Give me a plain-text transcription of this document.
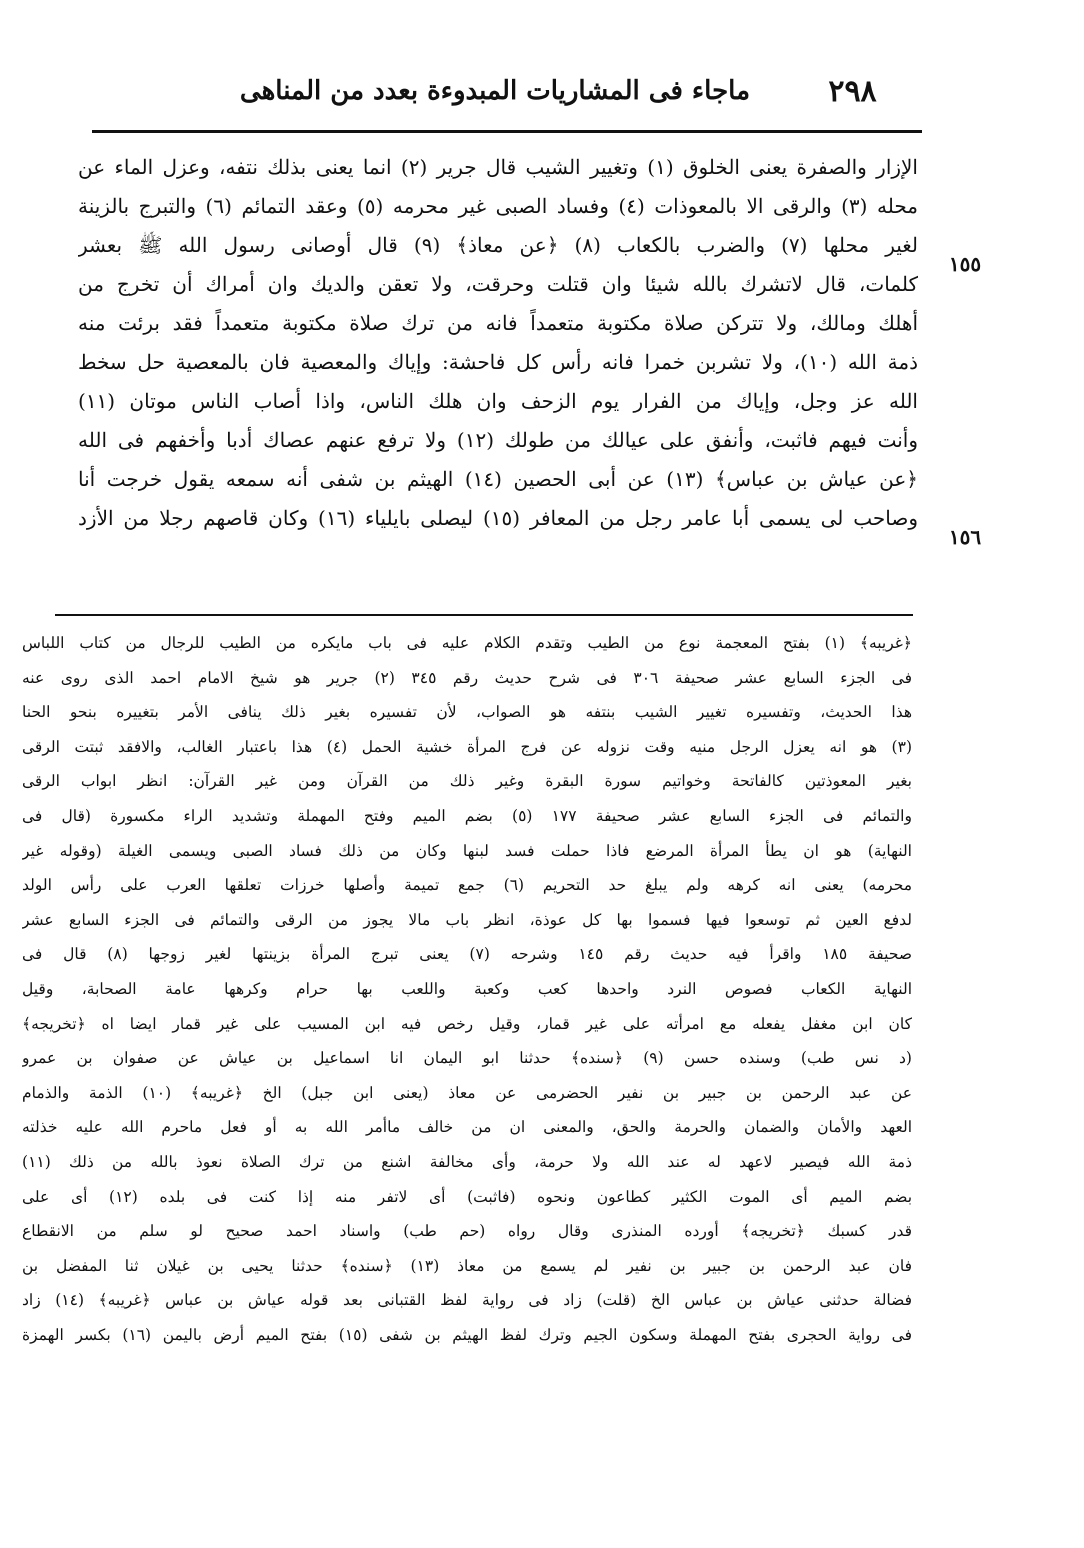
ماجاء فى المشاريات المبدوءة بعدد من المناهى	٢٩٨
١٥٥
١٥٦
الإزار والصفرة يعنى الخلوق (١) وتغيير الشيب قال جرير (٢) انما يعنى بذلك نتفه، وعزل الماء عن
محله (٣) والرقى الا بالمعوذات (٤) وفساد الصبى غير محرمه (٥) وعقد التمائم (٦) والتبرج بالزينة
لغير محلها (٧) والضرب بالكعاب (٨) ﴿عن معاذ﴾ (٩) قال أوصانى رسول الله ﷺ بعشر
كلمات، قال لاتشرك بالله شيئا وان قتلت وحرقت، ولا تعقن والديك وان أمراك أن تخرج من
أهلك ومالك، ولا تتركن صلاة مكتوبة متعمداً فانه من ترك صلاة مكتوبة متعمداً فقد برئت منه
ذمة الله (١٠)، ولا تشربن خمرا فانه رأس كل فاحشة: وإياك والمعصية فان بالمعصية حل سخط
الله عز وجل، وإياك من الفرار يوم الزحف وان هلك الناس، واذا أصاب الناس موتان (١١)
وأنت فيهم فاثبت، وأنفق على عيالك من طولك (١٢) ولا ترفع عنهم عصاك أدبا وأخفهم فى الله
﴿عن عياش بن عباس﴾ (١٣) عن أبى الحصين (١٤) الهيثم بن شفى أنه سمعه يقول خرجت أنا
وصاحب لى يسمى أبا عامر رجل من المعافر (١٥) ليصلى بايلياء (١٦) وكان قاصهم رجلا من الأزد
﴿غريبه﴾ (١) بفتح المعجمة نوع من الطيب وتقدم الكلام عليه فى باب مايكره من الطيب للرجال من كتاب اللباس
فى الجزء السابع عشر صحيفة ٣٠٦ فى شرح حديث رقم ٣٤٥ (٢) جرير هو شيخ الامام احمد الذى روى عنه
هذا الحديث، وتفسيره تغيير الشيب بنتفه هو الصواب، لأن تفسيره بغير ذلك ينافى الأمر بتغييره بنحو الحنا
(٣) هو انه يعزل الرجل منيه وقت نزوله عن فرج المرأة خشية الحمل (٤) هذا باعتبار الغالب، والافقد ثبتت الرقى
بغير المعوذتين كالفاتحة وخواتيم سورة البقرة وغير ذلك من القرآن ومن غير القرآن: انظر ابواب الرقى
والتمائم فى الجزء السابع عشر صحيفة ١٧٧ (٥) بضم الميم وفتح المهملة وتشديد الراء مكسورة (قال فى
النهاية) هو ان يطأ المرأة المرضع فاذا حملت فسد لبنها وكان من ذلك فساد الصبى ويسمى الغيلة (وقوله غير
محرمه) يعنى انه كرهه ولم يبلغ حد التحريم (٦) جمع تميمة وأصلها خرزات تعلقها العرب على رأس الولد
لدفع العين ثم توسعوا فيها فسموا بها كل عوذة، انظر باب مالا يجوز من الرقى والتمائم فى الجزء السابع عشر
صحيفة ١٨٥ واقرأ فيه حديث رقم ١٤٥ وشرحه (٧) يعنى تبرج المرأة بزينتها لغير زوجها (٨) قال فى
النهاية الكعاب فصوص النرد واحدها كعب وكعبة واللعب بها حرام وكرهها عامة الصحابة، وقيل
كان ابن مغفل يفعله مع امرأته على غير قمار، وقيل رخص فيه ابن المسيب على غير قمار ايضا اه ﴿تخريجه﴾
(د نس طب) وسنده حسن (٩) ﴿سنده﴾ حدثنا ابو اليمان انا اسماعيل بن عياش عن صفوان بن عمرو
عن عبد الرحمن بن جبير بن نفير الحضرمى عن معاذ (يعنى ابن جبل) الخ ﴿غريبه﴾ (١٠) الذمة والذمام
العهد والأمان والضمان والحرمة والحق، والمعنى ان من خالف ماأمر الله به أو فعل ماحرم الله عليه خذلته
ذمة الله فيصير لاعهد له عند الله ولا حرمة، وأى مخالفة اشنع من ترك الصلاة نعوذ بالله من ذلك (١١)
بضم الميم أى الموت الكثير كطاعون ونحوه (فاثبت) أى لاتفر منه إذا كنت فى بلده (١٢) أى على
قدر كسبك ﴿تخريجه﴾ أورده المنذرى وقال رواه (حم طب) واسناد احمد صحيح لو سلم من الانقطاع
فان عبد الرحمن بن جبير بن نفير لم يسمع من معاذ (١٣) ﴿سنده﴾ حدثنا يحيى بن غيلان ثنا المفضل بن
فضالة حدثنى عياش بن عباس الخ (قلت) زاد فى رواية لفظ القتبانى بعد قوله عياش بن عباس ﴿غريبه﴾ (١٤) زاد
فى رواية الحجرى بفتح المهملة وسكون الجيم وترك لفظ الهيثم بن شفى (١٥) بفتح الميم أرض باليمن (١٦) بكسر الهمزة
